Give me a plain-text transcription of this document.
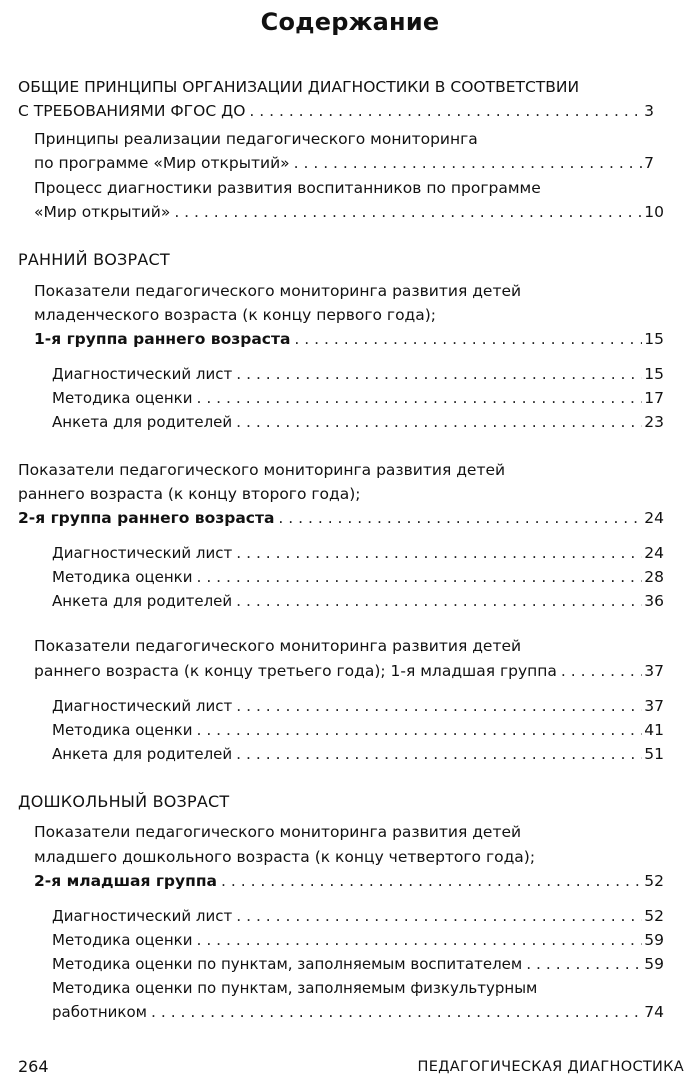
Содержание
ОБЩИЕ ПРИНЦИПЫ ОРГАНИЗАЦИИ ДИАГНОСТИКИ В СООТВЕТСТВИИ
С ТРЕБОВАНИЯМИ ФГОС ДО . . .	3
Принципы реализации педагогического мониторинга
по программе «Мир открытий» . . .	7
Процесс диагностики развития воспитанников по программе
«Мир открытий» . . .	10
РАННИЙ ВОЗРАСТ
Показатели педагогического мониторинга развития детей
младенческого возраста (к концу первого года);
1-я группа раннего возраста . . .	15
Диагностический лист . . .	15
Методика оценки . . .	17
Анкета для родителей . . .	23
Показатели педагогического мониторинга развития детей
раннего возраста (к концу второго года);
2-я группа раннего возраста . . .	24
Диагностический лист . . .	24
Методика оценки . . .	28
Анкета для родителей . . .	36
Показатели педагогического мониторинга развития детей
раннего возраста (к концу третьего года); 1-я младшая группа . . .	37
Диагностический лист . . .	37
Методика оценки . . .	41
Анкета для родителей . . .	51
ДОШКОЛЬНЫЙ ВОЗРАСТ
Показатели педагогического мониторинга развития детей
младшего дошкольного возраста (к концу четвертого года);
2-я младшая группа . . .	52
Диагностический лист . . .	52
Методика оценки . . .	59
Методика оценки по пунктам, заполняемым воспитателем . . .	59
Методика оценки по пунктам, заполняемым физкультурным
работником . . .	74
264	ПЕДАГОГИЧЕСКАЯ ДИАГНОСТИКА
